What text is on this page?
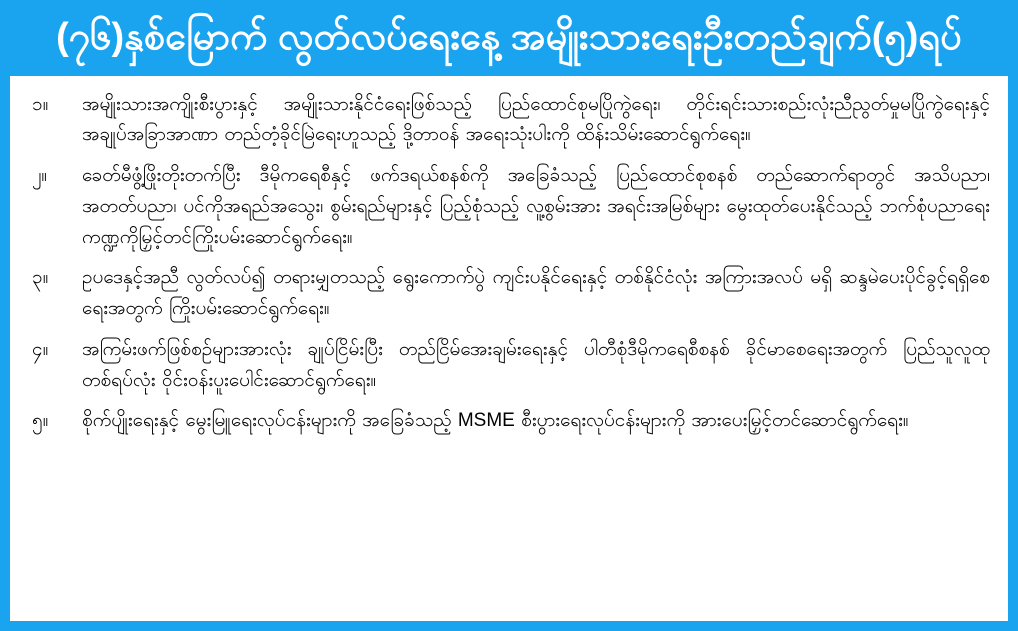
(၇၆)နှစ်မြောက် လွတ်လပ်ရေးနေ့ အမျိုးသားရေးဦးတည်ချက်(၅)ရပ်
၁။	အမျိုးသားအကျိုးစီးပွားနှင့် အမျိုးသားနိုင်ငံရေးဖြစ်သည့် ပြည်ထောင်စုမပြိုကွဲရေး၊ တိုင်းရင်းသားစည်းလုံးညီညွတ်မှုမပြိုကွဲရေးနှင့် အချုပ်အခြာအာဏာ တည်တံ့ခိုင်မြဲရေးဟူသည့် ဒို့တာဝန် အရေးသုံးပါးကို ထိန်းသိမ်းဆောင်ရွက်ရေး။
၂။	ခေတ်မီဖွံ့ဖြိုးတိုးတက်ပြီး ဒီမိုကရေစီနှင့် ဖက်ဒရယ်စနစ်ကို အခြေခံသည့် ပြည်ထောင်စုစနစ် တည်ဆောက်ရာတွင် အသိပညာ၊ အတတ်ပညာ၊ ပင်ကိုအရည်အသွေး၊ စွမ်းရည်များနှင့် ပြည့်စုံသည့် လူ့စွမ်းအား အရင်းအမြစ်များ မွေးထုတ်ပေးနိုင်သည့် ဘက်စုံပညာရေးကဏ္ဍကိုမြှင့်တင်ကြိုးပမ်းဆောင်ရွက်ရေး။
၃။	ဥပဒေနှင့်အညီ လွတ်လပ်၍ တရားမျှတသည့် ရွေးကောက်ပွဲ ကျင်းပနိုင်ရေးနှင့် တစ်နိုင်ငံလုံး အကြားအလပ် မရှိ ဆန္ဒမဲပေးပိုင်ခွင့်ရရှိစေရေးအတွက် ကြိုးပမ်းဆောင်ရွက်ရေး။
၄။	အကြမ်းဖက်ဖြစ်စဉ်များအားလုံး ချုပ်ငြိမ်းပြီး တည်ငြိမ်အေးချမ်းရေးနှင့် ပါတီစုံဒီမိုကရေစီစနစ် ခိုင်မာစေရေးအတွက် ပြည်သူလူထုတစ်ရပ်လုံး ဝိုင်းဝန်းပူးပေါင်းဆောင်ရွက်ရေး။
၅။	စိုက်ပျိုးရေးနှင့် မွေးမြူရေးလုပ်ငန်းများကို အခြေခံသည့် MSME စီးပွားရေးလုပ်ငန်းများကို အားပေးမြှင့်တင်ဆောင်ရွက်ရေး။
